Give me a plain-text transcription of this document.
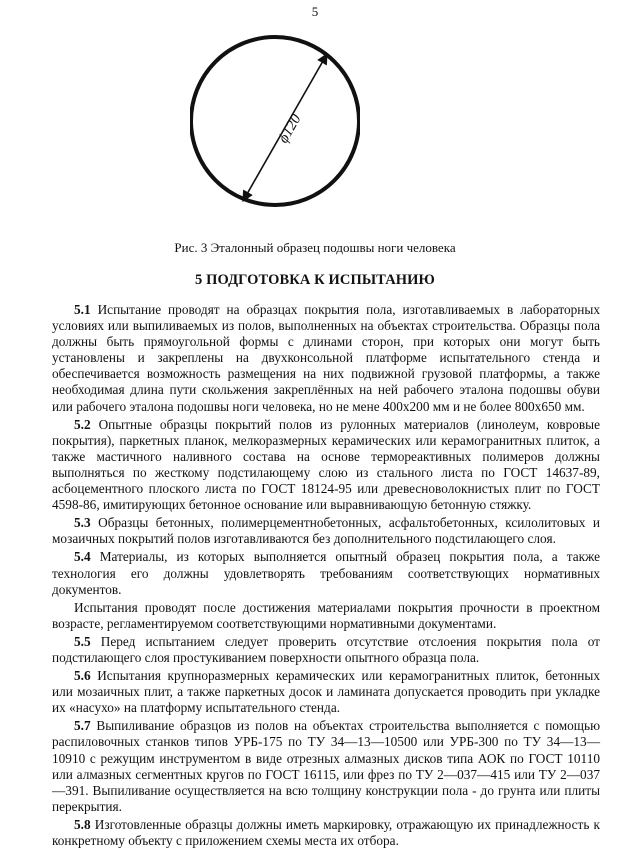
5
ϕ120
Рис. 3 Эталонный образец подошвы ноги человека
5 ПОДГОТОВКА К ИСПЫТАНИЮ

5.1 Испытание проводят на образцах покрытия пола, изготавливаемых в лабораторных условиях или выпиливаемых из полов, выполненных на объектах строительства. Образцы пола должны быть прямоугольной формы с длинами сторон, при которых они могут быть установлены и закреплены на двухконсольной платформе испытательного стенда и обеспечивается возможность размещения на них подвижной грузовой платформы, а также необходимая длина пути скольжения закреплённых на ней рабочего эталона подошвы обуви или рабочего эталона подошвы ноги человека, но не мене 400x200 мм и не более 800x650 мм.

5.2 Опытные образцы покрытий полов из рулонных материалов (линолеум, ковровые покрытия), паркетных планок, мелкоразмерных керамических или керамогранитных плиток, а также мастичного наливного состава на основе термореактивных полимеров должны выполняться по жесткому подстилающему слою из стального листа по ГОСТ 14637-89, асбоцементного плоского листа по ГОСТ 18124-95 или древесноволокнистых плит по ГОСТ 4598-86, имитирующих бетонное основание или выравнивающую бетонную стяжку.

5.3 Образцы бетонных, полимерцементнобетонных, асфальтобетонных, ксилолитовых и мозаичных покрытий полов изготавливаются без дополнительного подстилающего слоя.

5.4 Материалы, из которых выполняется опытный образец покрытия пола, а также технология его должны удовлетворять требованиям соответствующих нормативных документов.

Испытания проводят после достижения материалами покрытия прочности в проектном возрасте, регламентируемом соответствующими нормативными документами.

5.5 Перед испытанием следует проверить отсутствие отслоения покрытия пола от подстилающего слоя простукиванием поверхности опытного образца пола.

5.6 Испытания крупноразмерных керамических или керамогранитных плиток, бетонных или мозаичных плит, а также паркетных досок и ламината допускается проводить при укладке их «насухо» на платформу испытательного стенда.

5.7 Выпиливание образцов из полов на объектах строительства выполняется с помощью распиловочных станков типов УРБ-175 по ТУ 34—13—10500 или УРБ-300 по ТУ 34—13—10910 с режущим инструментом в виде отрезных алмазных дисков типа АОК по ГОСТ 10110 или алмазных сегментных кругов по ГОСТ 16115, или фрез по ТУ 2—037—415 или ТУ 2—037—391. Выпиливание осуществляется на всю толщину конструкции пола - до грунта или плиты перекрытия.

5.8 Изготовленные образцы должны иметь маркировку, отражающую их принадлежность к конкретному объекту с приложением схемы места их отбора.
